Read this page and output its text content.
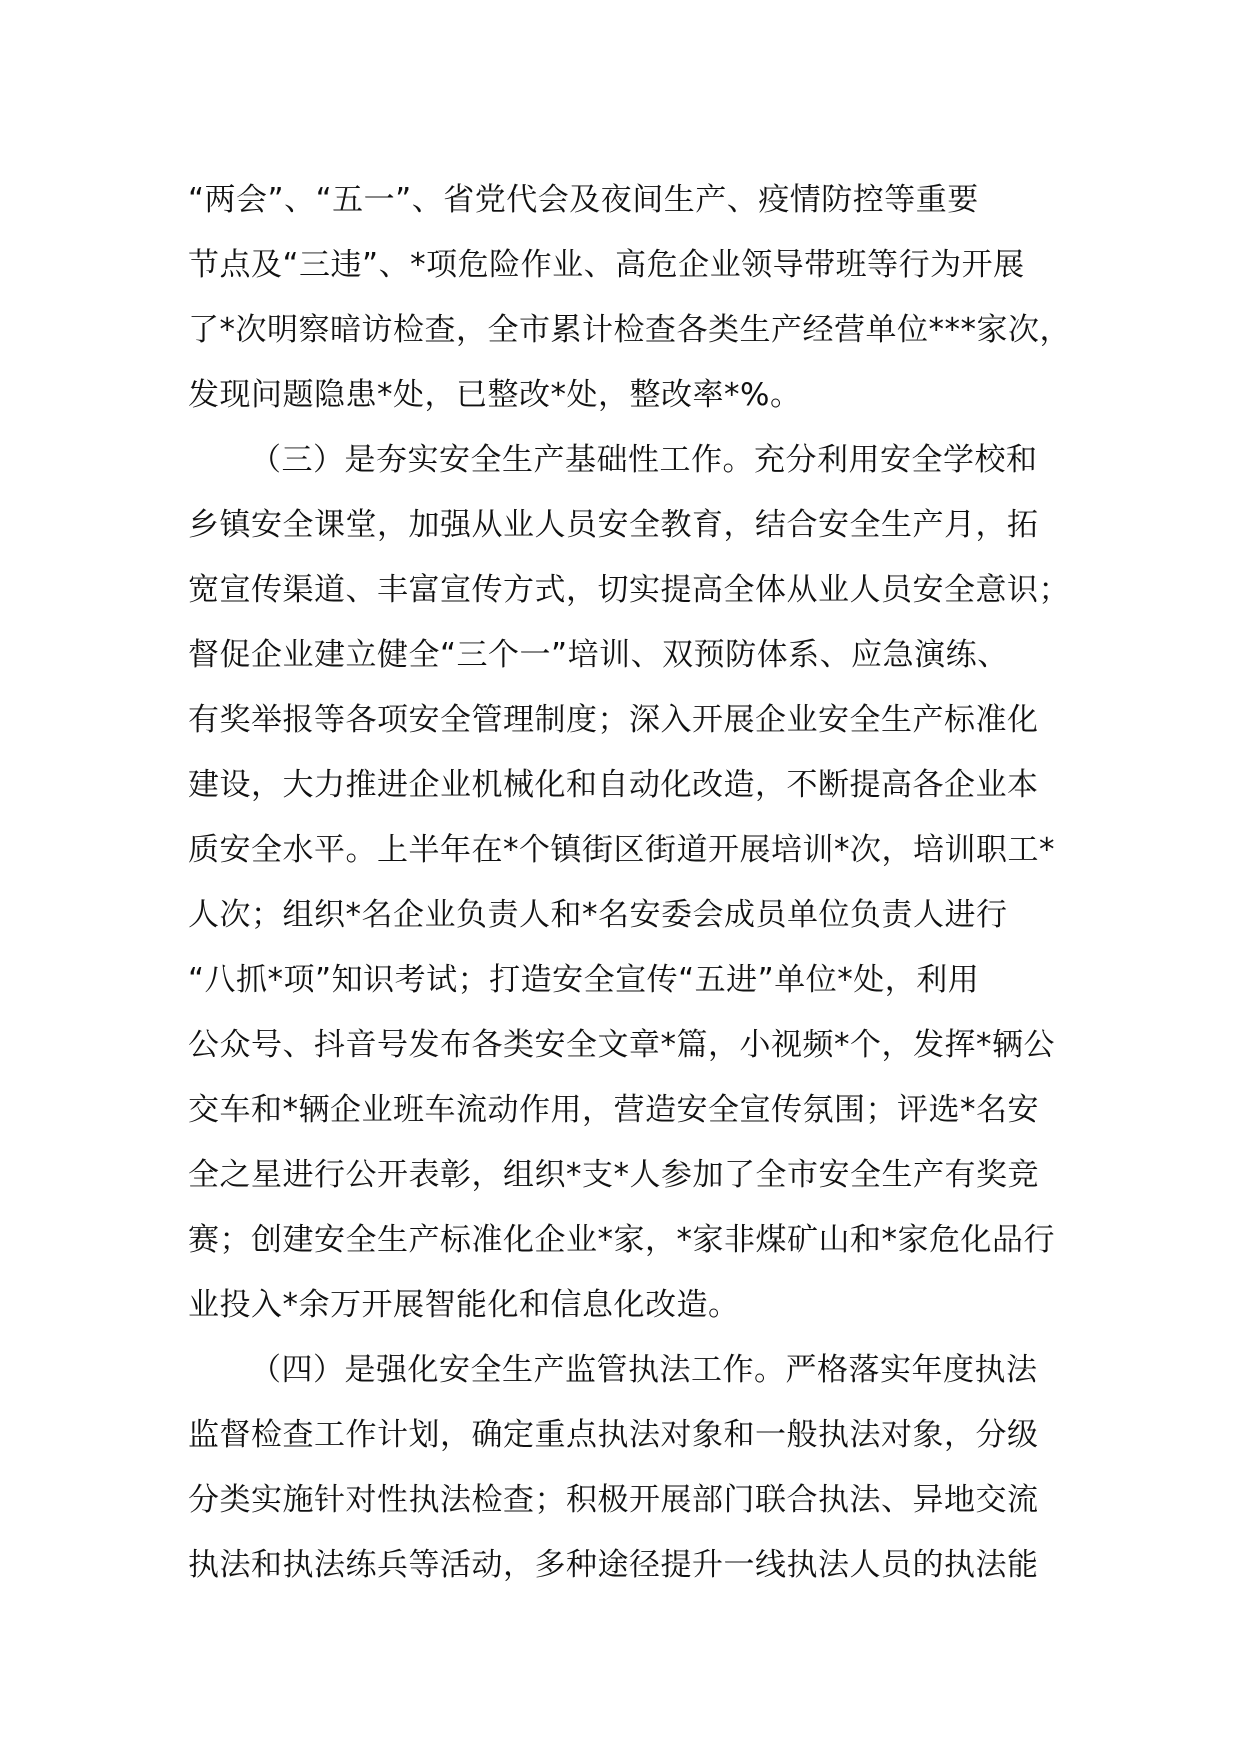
“两会”、“五一”、省党代会及夜间生产、疫情防控等重要
节点及“三违”、*项危险作业、高危企业领导带班等行为开展
了*次明察暗访检查，全市累计检查各类生产经营单位***家次，
发现问题隐患*处，已整改*处，整改率*%。
（三）是夯实安全生产基础性工作。充分利用安全学校和
乡镇安全课堂，加强从业人员安全教育，结合安全生产月，拓
宽宣传渠道、丰富宣传方式，切实提高全体从业人员安全意识；
督促企业建立健全“三个一”培训、双预防体系、应急演练、
有奖举报等各项安全管理制度；深入开展企业安全生产标准化
建设，大力推进企业机械化和自动化改造，不断提高各企业本
质安全水平。上半年在*个镇街区街道开展培训*次，培训职工*
人次；组织*名企业负责人和*名安委会成员单位负责人进行
“八抓*项”知识考试；打造安全宣传“五进”单位*处，利用
公众号、抖音号发布各类安全文章*篇，小视频*个，发挥*辆公
交车和*辆企业班车流动作用，营造安全宣传氛围；评选*名安
全之星进行公开表彰，组织*支*人参加了全市安全生产有奖竞
赛；创建安全生产标准化企业*家，*家非煤矿山和*家危化品行
业投入*余万开展智能化和信息化改造。
（四）是强化安全生产监管执法工作。严格落实年度执法
监督检查工作计划，确定重点执法对象和一般执法对象，分级
分类实施针对性执法检查；积极开展部门联合执法、异地交流
执法和执法练兵等活动，多种途径提升一线执法人员的执法能
